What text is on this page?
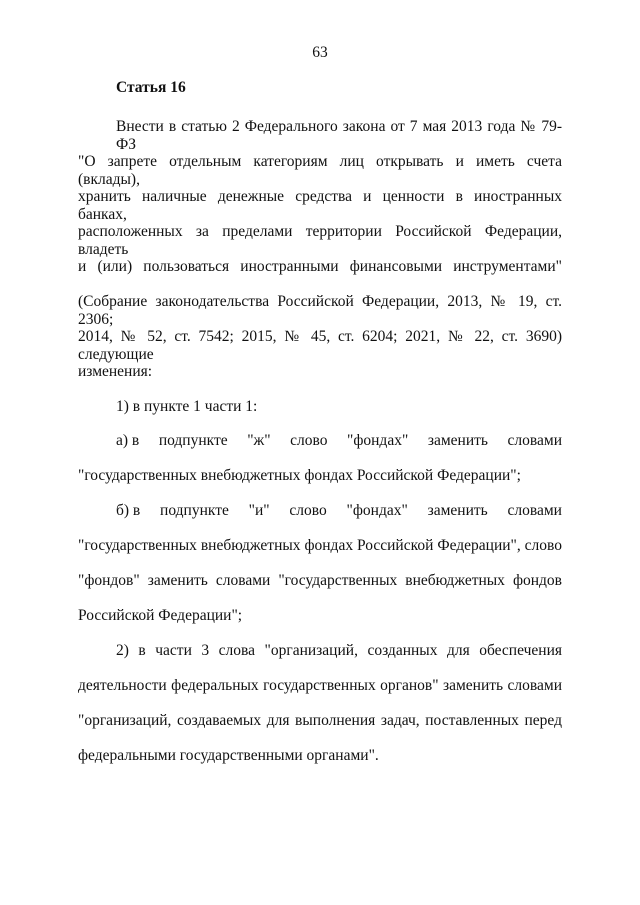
63
Статья 16
Внести в статью 2 Федерального закона от 7 мая 2013 года № 79-ФЗ
"О запрете отдельным категориям лиц открывать и иметь счета (вклады),
хранить наличные денежные средства и ценности в иностранных банках,
расположенных за пределами территории Российской Федерации, владеть
и (или) пользоваться иностранными финансовыми инструментами"
(Собрание законодательства Российской Федерации, 2013, № 19, ст. 2306;
2014, № 52, ст. 7542; 2015, № 45, ст. 6204; 2021, № 22, ст. 3690) следующие
изменения:
1) в пункте 1 части 1:
а) в подпункте "ж" слово "фондах" заменить словами
"государственных внебюджетных фондах Российской Федерации";
б) в подпункте "и" слово "фондах" заменить словами
"государственных внебюджетных фондах Российской Федерации", слово
"фондов" заменить словами "государственных внебюджетных фондов
Российской Федерации";
2) в части 3 слова "организаций, созданных для обеспечения
деятельности федеральных государственных органов" заменить словами
"организаций, создаваемых для выполнения задач, поставленных перед
федеральными государственными органами".
